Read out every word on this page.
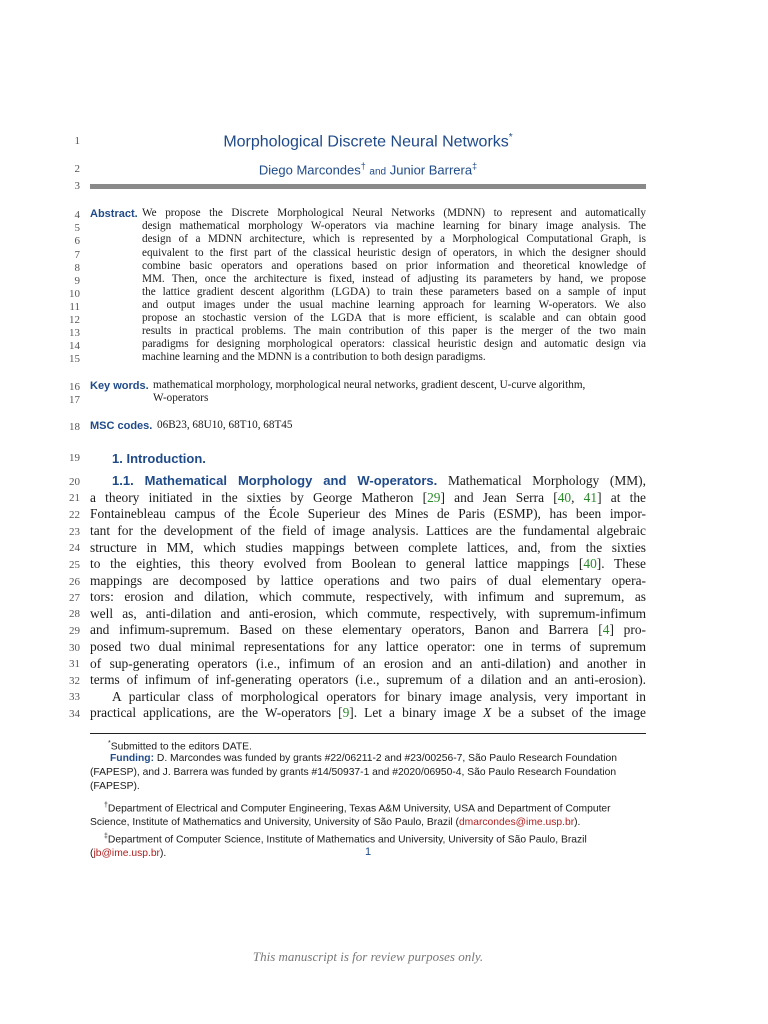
1
2
3
4
5
6
7
8
9
10
11
12
13
14
15
16
17
18
19
20
21
22
23
24
25
26
27
28
29
30
31
32
33
34
Morphological Discrete Neural Networks*
Diego Marcondes† and Junior Barrera‡
Abstract. We propose the Discrete Morphological Neural Networks (MDNN) to represent and automatically
design mathematical morphology W-operators via machine learning for binary image analysis. The
design of a MDNN architecture, which is represented by a Morphological Computational Graph, is
equivalent to the first part of the classical heuristic design of operators, in which the designer should
combine basic operators and operations based on prior information and theoretical knowledge of
MM. Then, once the architecture is fixed, instead of adjusting its parameters by hand, we propose
the lattice gradient descent algorithm (LGDA) to train these parameters based on a sample of input
and output images under the usual machine learning approach for learning W-operators. We also
propose an stochastic version of the LGDA that is more efficient, is scalable and can obtain good
results in practical problems. The main contribution of this paper is the merger of the two main
paradigms for designing morphological operators: classical heuristic design and automatic design via
machine learning and the MDNN is a contribution to both design paradigms.
Key words. mathematical morphology, morphological neural networks, gradient descent, U-curve algorithm,
W-operators
MSC codes. 06B23, 68U10, 68T10, 68T45
1. Introduction.
1.1. Mathematical Morphology and W-operators. Mathematical Morphology (MM),
a theory initiated in the sixties by George Matheron [29] and Jean Serra [40, 41] at the
Fontainebleau campus of the École Superieur des Mines de Paris (ESMP), has been impor-
tant for the development of the field of image analysis. Lattices are the fundamental algebraic
structure in MM, which studies mappings between complete lattices, and, from the sixties
to the eighties, this theory evolved from Boolean to general lattice mappings [40]. These
mappings are decomposed by lattice operations and two pairs of dual elementary opera-
tors: erosion and dilation, which commute, respectively, with infimum and supremum, as
well as, anti-dilation and anti-erosion, which commute, respectively, with supremum-infimum
and infimum-supremum. Based on these elementary operators, Banon and Barrera [4] pro-
posed two dual minimal representations for any lattice operator: one in terms of supremum
of sup-generating operators (i.e., infimum of an erosion and an anti-dilation) and another in
terms of infimum of inf-generating operators (i.e., supremum of a dilation and an anti-erosion).
A particular class of morphological operators for binary image analysis, very important in
practical applications, are the W-operators [9]. Let a binary image X be a subset of the image
*Submitted to the editors DATE.
Funding: D. Marcondes was funded by grants #22/06211-2 and #23/00256-7, São Paulo Research Foundation (FAPESP), and J. Barrera was funded by grants #14/50937-1 and #2020/06950-4, São Paulo Research Foundation (FAPESP).
†Department of Electrical and Computer Engineering, Texas A&M University, USA and Department of Computer Science, Institute of Mathematics and University, University of São Paulo, Brazil (dmarcondes@ime.usp.br).
‡Department of Computer Science, Institute of Mathematics and University, University of São Paulo, Brazil (jb@ime.usp.br).	1
This manuscript is for review purposes only.
